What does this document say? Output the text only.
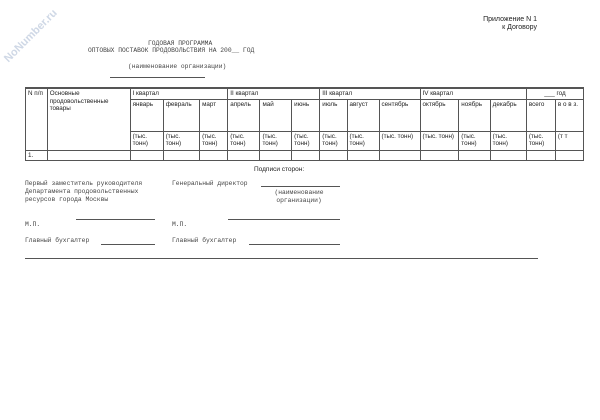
NoNumber.ru	Приложение N 1
к Договору
ГОДОВАЯ ПРОГРАММА
ОПТОВЫХ ПОСТАВОК ПРОДОВОЛЬСТВИЯ НА 200__ ГОД
(наименование организации)
N п/п	Основные продовольственные товары	I квартал			II квартал			III квартал			IV квартал			___ год	
		январь	февраль	март	апрель	май	июнь	июль	август	сентябрь	октябрь	ноябрь	декабрь	всего	в о в з.
		(тыс. тонн)	(тыс. тонн)	(тыс. тонн)	(тыс. тонн)	(тыс. тонн)	(тыс. тонн)	(тыс. тонн)	(тыс. тонн)	(тыс. тонн)	(тыс. тонн)	(тыс. тонн)	(тыс. тонн)	(тыс. тонн)	(т т
1.															
Подписи сторон:
Первый заместитель руководителя Департамента продовольственных ресурсов города Москвы
Генеральный директор
(наименование организации)
М.П.	М.П.
Главный бухгалтер	Главный бухгалтер
